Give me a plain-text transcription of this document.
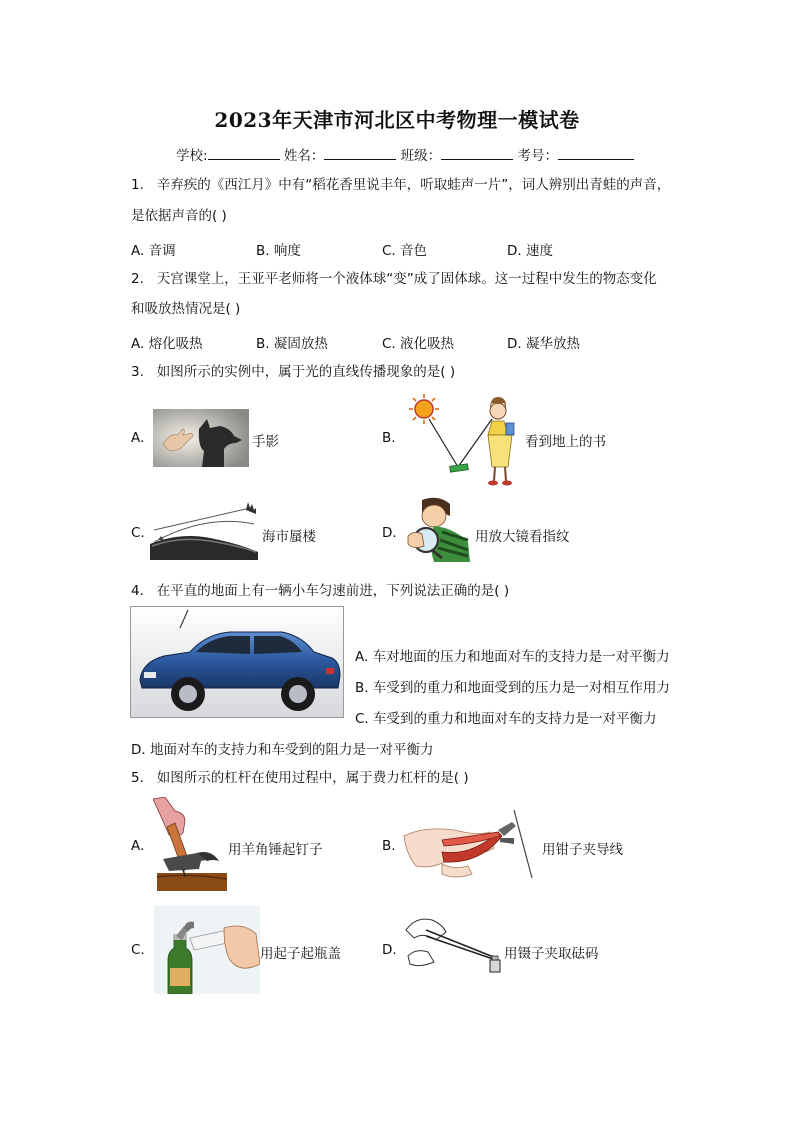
2023年天津市河北区中考物理一模试卷
学校:	姓名：	班级：	考号：
1. 辛弃疾的《西江月》中有“稻花香里说丰年，听取蛙声一片”，词人辨别出青蛙的声音，
是依据声音的( )
A. 音调	B. 响度	C. 音色	D. 速度
2. 天宫课堂上，王亚平老师将一个液体球“变”成了固体球。这一过程中发生的物态变化
和吸放热情况是( )
A. 熔化吸热	B. 凝固放热	C. 液化吸热	D. 凝华放热
3. 如图所示的实例中，属于光的直线传播现象的是( )
A.	手影	B.	看到地上的书
C.	海市蜃楼	D.	用放大镜看指纹
4. 在平直的地面上有一辆小车匀速前进，下列说法正确的是( )
A. 车对地面的压力和地面对车的支持力是一对平衡力
B. 车受到的重力和地面受到的压力是一对相互作用力
C. 车受到的重力和地面对车的支持力是一对平衡力
D. 地面对车的支持力和车受到的阻力是一对平衡力
5. 如图所示的杠杆在使用过程中，属于费力杠杆的是( )
A.	用羊角锤起钉子	B.	用钳子夹导线
C.	用起子起瓶盖	D.	用镊子夹取砝码
